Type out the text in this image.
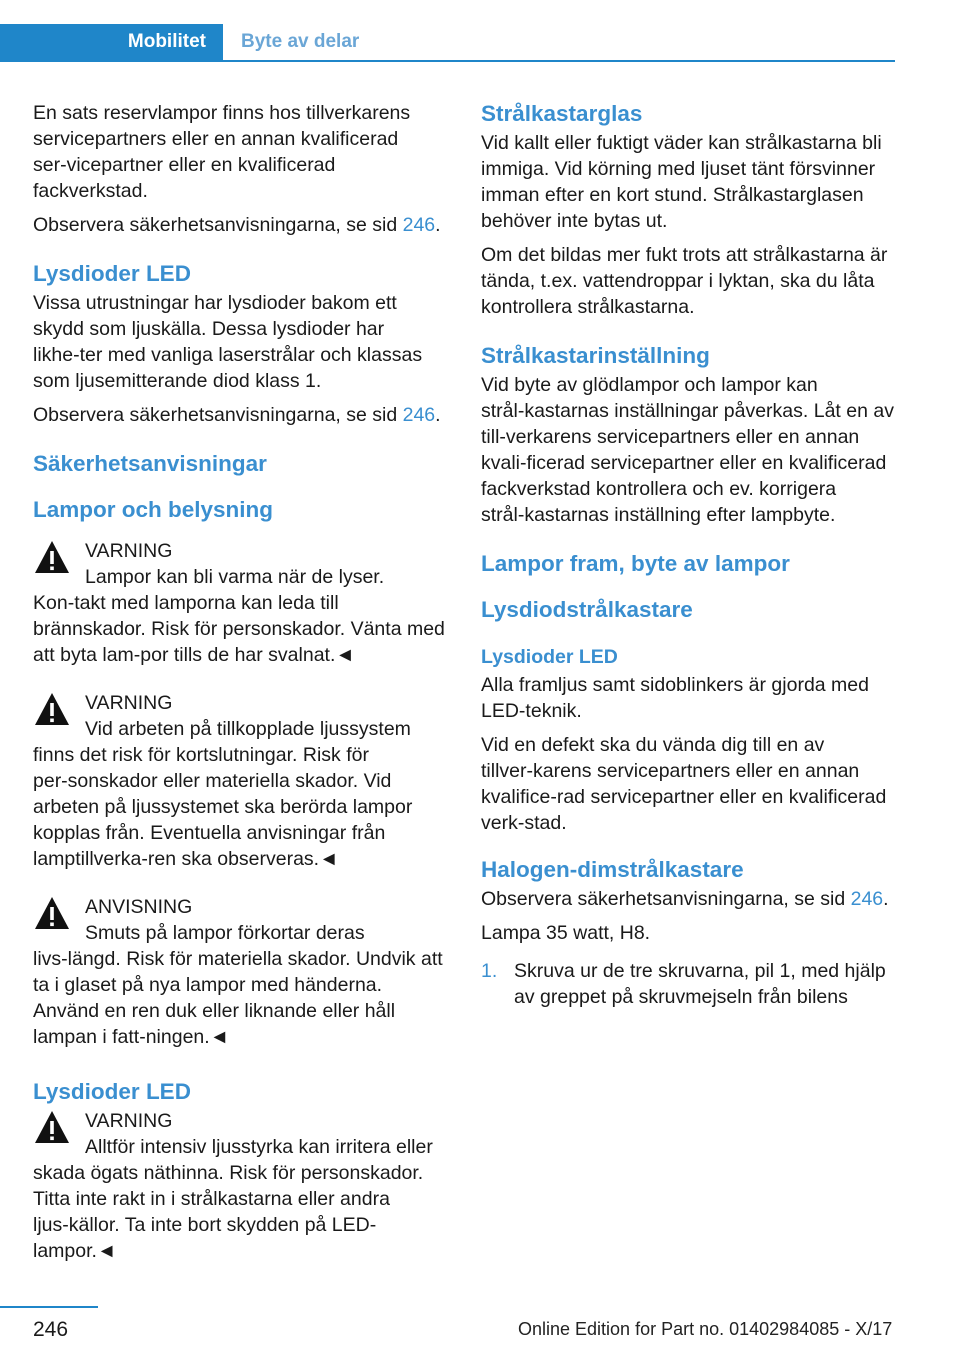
Mobilitet	Byte av delar

En sats reservlampor finns hos tillverkarens servicepartners eller en annan kvalificerad ser‑vicepartner eller en kvalificerad fackverkstad.

Observera säkerhetsanvisningarna, se sid 246.

Lysdioder LED

Vissa utrustningar har lysdioder bakom ett skydd som ljuskälla. Dessa lysdioder har likhe‑ter med vanliga laserstrålar och klassas som ljusemitterande diod klass 1.

Observera säkerhetsanvisningarna, se sid 246.

Säkerhetsanvisningar
Lampor och belysning
VARNING
Lampor kan bli varma när de lyser. Kon‑takt med lamporna kan leda till brännskador. Risk för personskador. Vänta med att byta lam‑por tills de har svalnat.◄
VARNING
Vid arbeten på tillkopplade ljussystem finns det risk för kortslutningar. Risk för per‑sonskador eller materiella skador. Vid arbeten på ljussystemet ska berörda lampor kopplas från. Eventuella anvisningar från lamptillverka‑ren ska observeras.◄
ANVISNING
Smuts på lampor förkortar deras livs‑längd. Risk för materiella skador. Undvik att ta i glaset på nya lampor med händerna. Använd en ren duk eller liknande eller håll lampan i fatt‑ningen.◄
Lysdioder LED
VARNING
Alltför intensiv ljusstyrka kan irritera eller skada ögats näthinna. Risk för personskador. Titta inte rakt in i strålkastarna eller andra ljus‑källor. Ta inte bort skydden på LED-lampor.◄
Strålkastarglas

Vid kallt eller fuktigt väder kan strålkastarna bli immiga. Vid körning med ljuset tänt försvinner imman efter en kort stund. Strålkastarglasen behöver inte bytas ut.

Om det bildas mer fukt trots att strålkastarna är tända, t.ex. vattendroppar i lyktan, ska du låta kontrollera strålkastarna.

Strålkastarinställning

Vid byte av glödlampor och lampor kan strål‑kastarnas inställningar påverkas. Låt en av till‑verkarens servicepartners eller en annan kvali‑ficerad servicepartner eller en kvalificerad fackverkstad kontrollera och ev. korrigera strål‑kastarnas inställning efter lampbyte.

Lampor fram, byte av lampor
Lysdiodstrålkastare
Lysdioder LED

Alla framljus samt sidoblinkers är gjorda med LED-teknik.

Vid en defekt ska du vända dig till en av tillver‑karens servicepartners eller en annan kvalifice‑rad servicepartner eller en kvalificerad verk‑stad.

Halogen-dimstrålkastare

Observera säkerhetsanvisningarna, se sid 246.

Lampa 35 watt, H8.

1. Skruva ur de tre skruvarna, pil 1, med hjälp av greppet på skruvmejseln från bilens
246	Online Edition for Part no. 01402984085 - X/17
